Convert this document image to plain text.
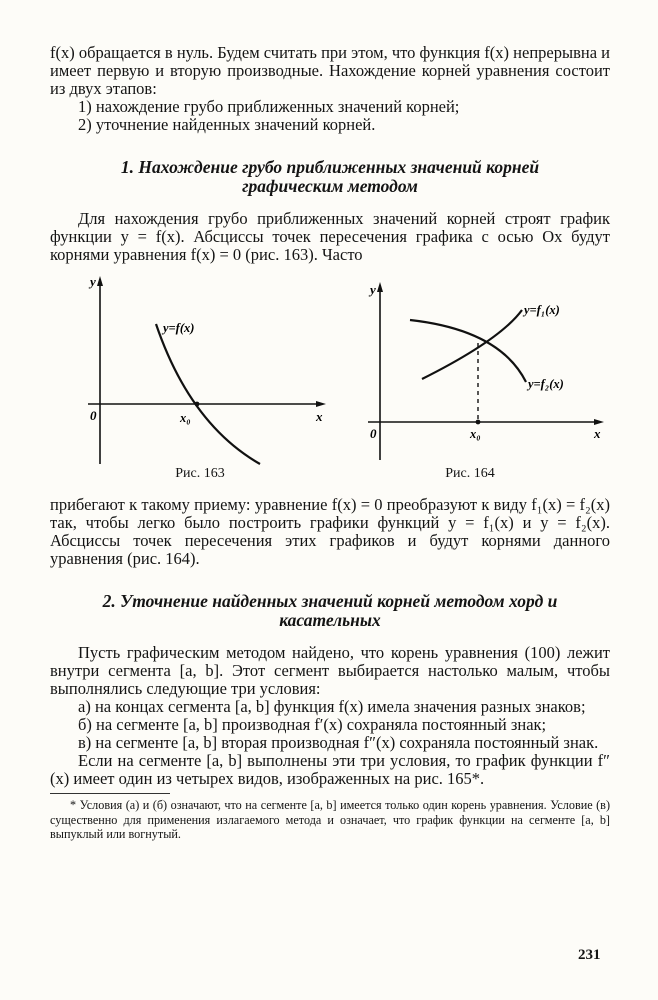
f(x) обращается в нуль. Будем считать при этом, что функция f(x) непрерывна и имеет первую и вторую производные. Нахождение корней уравнения состоит из двух этапов:

1) нахождение грубо приближенных значений корней;

2) уточнение найденных значений корней.

1. Нахождение грубо приближенных значений корней графическим методом

Для нахождения грубо приближенных значений корней строят график функции y = f(x). Абсциссы точек пересечения графика с осью Ox будут корнями уравнения f(x) = 0 (рис. 163). Часто

y
x
0	x₀
y=f(x)
Рис. 163
y
x
0	x₀
y=f₁(x)
y=f₂(x)
Рис. 164

прибегают к такому приему: уравнение f(x) = 0 преобразуют к виду f₁(x) = f₂(x) так, чтобы легко было построить графики функций y = f₁(x) и y = f₂(x). Абсциссы точек пересечения этих графиков и будут корнями данного уравнения (рис. 164).

2. Уточнение найденных значений корней методом хорд и касательных

Пусть графическим методом найдено, что корень уравнения (100) лежит внутри сегмента [a, b]. Этот сегмент выбирается настолько малым, чтобы выполнялись следующие три условия:

а) на концах сегмента [a, b] функция f(x) имела значения разных знаков;

б) на сегменте [a, b] производная f′(x) сохраняла постоянный знак;

в) на сегменте [a, b] вторая производная f″(x) сохраняла постоянный знак.

Если на сегменте [a, b] выполнены эти три условия, то график функции f″(x) имеет один из четырех видов, изображенных на рис. 165*.

* Условия (а) и (б) означают, что на сегменте [a, b] имеется только один корень уравнения. Условие (в) существенно для применения излагаемого метода и означает, что график функции на сегменте [a, b] выпуклый или вогнутый.

231
